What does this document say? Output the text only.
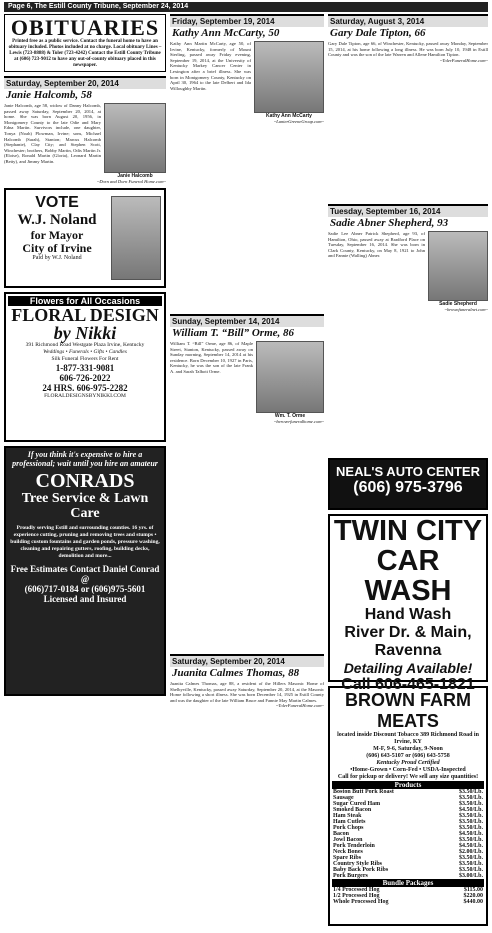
Page 6, The Estill County Tribune, September 24, 2014
OBITUARIES
Printed free as a public service. Contact the funeral home to have an obituary included. Photos included at no charge. Local obituary Lines – Lewis (723-8888) & Toler (723-4242) Contact the Estill County Tribune at (606) 723-9012 to have any out-of-county obituary placed in this newspaper.
Saturday, September 20, 2014
Janie Halcomb, 58
Janie Halcomb, age 58, widow of Danny Halcomb, passed away Saturday, September 20, 2014, at home. She was born August 20, 1956, in Montgomery County to the late Odie and Mary Edna Martin. Survivors include, one daughter, Tonya (Noah) Plowman, Irvine; sons, Michael Halcomb (Sarah), Stanton; Marcus Halcomb (Stephanie), Clay City; and Stephen Scott, Winchester; brothers, Bobby Martin, Odis Martin Jr. (Eloise), Ronald Martin (Gloria), Leonard Martin (Betty), and Jimmy Martin.
Janie Halcomb
~Dorn and Dorn Funeral Home.com~
VOTE
W.J. Noland
for Mayor
City of Irvine
Paid by W.J. Noland
Flowers for All Occasions
FLORAL DESIGN
by Nikki
391 Richmond Road Westgate Plaza Irvine, Kentucky
Weddings • Funerals • Gifts • Candles
Silk Funeral Flowers For Rent
1-877-331-9081
606-726-2022
24 HRS. 606-975-2282
FLORALDESIGNSBYNIKKI.COM
If you think it's expensive to hire a professional; wait until you hire an amateur
CONRADS
Tree Service & Lawn Care
Proudly serving Estill and surrounding counties. 16 yrs. of experience cutting, pruning and removing trees and stumps • building custom fountains and garden ponds, pressure washing, cleaning and repairing gutters, roofing, building decks, demolition and more...
Free Estimates Contact Daniel Conrad @
(606)717-0184 or (606)975-5601
Licensed and Insured
Friday, September 19, 2014
Kathy Ann McCarty, 50
Kathy Ann Martin McCarty, age 50, of Irvine, Kentucky, formerly of Mount Sterling, passed away Friday evening, September 19, 2014, at the University of Kentucky Markey Cancer Center in Lexington after a brief illness. She was born in Montgomery County, Kentucky on April 30, 1964 to the late Delbert and Ida Willoughby Martin.
Kathy Ann McCarty
~LanterGreeneGroup.com~
Sunday, September 14, 2014
William T. “Bill” Orme, 86
William T. “Bill” Orme, age 86, of Maple Street, Stanton, Kentucky, passed away on Sunday morning, September 14, 2014 at his residence. Born December 10, 1927 in Paris, Kentucky, he was the son of the late Frank A. and Sarah Talbott Orme.
Wm. T. Orme
~beroverfuneralhome.com~
Saturday, September 20, 2014
Juanita Calmes Thomas, 88
Juanita Calmes Thomas, age 88, a resident of the Hillers Masonic Home of Shelbyville, Kentucky, passed away Saturday, September 20, 2014, at the Masonic Home following a short illness. She was born December 14, 1925 in Estill County and was the daughter of the late William Bruce and Fannie May Martin Calmes.
~TolerFuneralHome.com~
Saturday, August 3, 2014
Gary Dale Tipton, 66
Gary Dale Tipton, age 66, of Winchester, Kentucky, passed away Monday, September 15, 2014, at his home following a long illness. He was born July 10, 1948 in Estill County and was the son of the late Warren and Allene Hamilton Tipton.
~TolerFuneralHome.com~
Tuesday, September 16, 2014
Sadie Abner Shepherd, 93
Sadie Lee Abner Patrick Shepherd, age 93, of Hamilton, Ohio, passed away at Bradford Place on Tuesday, September 16, 2014. She was born in Clark County, Kentucky, on May 8, 1921 to John and Fannie (Walling) Abner.
Sadie Shepherd
~brownfuneralnet.com~
NEAL'S AUTO CENTER
(606) 975-3796
TWIN CITY
CAR WASH
Hand Wash
River Dr. & Main, Ravenna
Detailing Available!
Call 606-465-1821
BROWN FARM MEATS
located inside Discount Tobacco 389 Richmond Road in Irvine, KY
M-F, 9-6, Saturday, 9-Noon
(606) 643-5107 or (606) 643-5758
Kentucky Proud Certified
•Home-Grown • Corn-Fed • USDA-Inspected
Call for pickup or delivery! We sell any size quantities!
Products
Boston Butt Pork Roast	$3.50/Lb.
Sausage	$3.50/Lb.
Sugar Cured Ham	$3.50/Lb.
Smoked Bacon	$4.50/Lb.
Ham Steak	$3.50/Lb.
Ham Cutlets	$3.50/Lb.
Pork Chops	$3.50/Lb.
Bacon	$4.50/Lb.
Jowl Bacon	$3.50/Lb.
Pork Tenderloin	$4.50/Lb.
Neck Bones	$2.00/Lb.
Spare Ribs	$3.50/Lb.
Country Style Ribs	$3.50/Lb.
Baby Back Pork Ribs	$3.50/Lb.
Pork Burgers	$3.00/Lb.
Bundle Packages
1/4 Processed Hog	$115.00
1/2 Processed Hog	$220.00
Whole Processed Hog	$440.00
